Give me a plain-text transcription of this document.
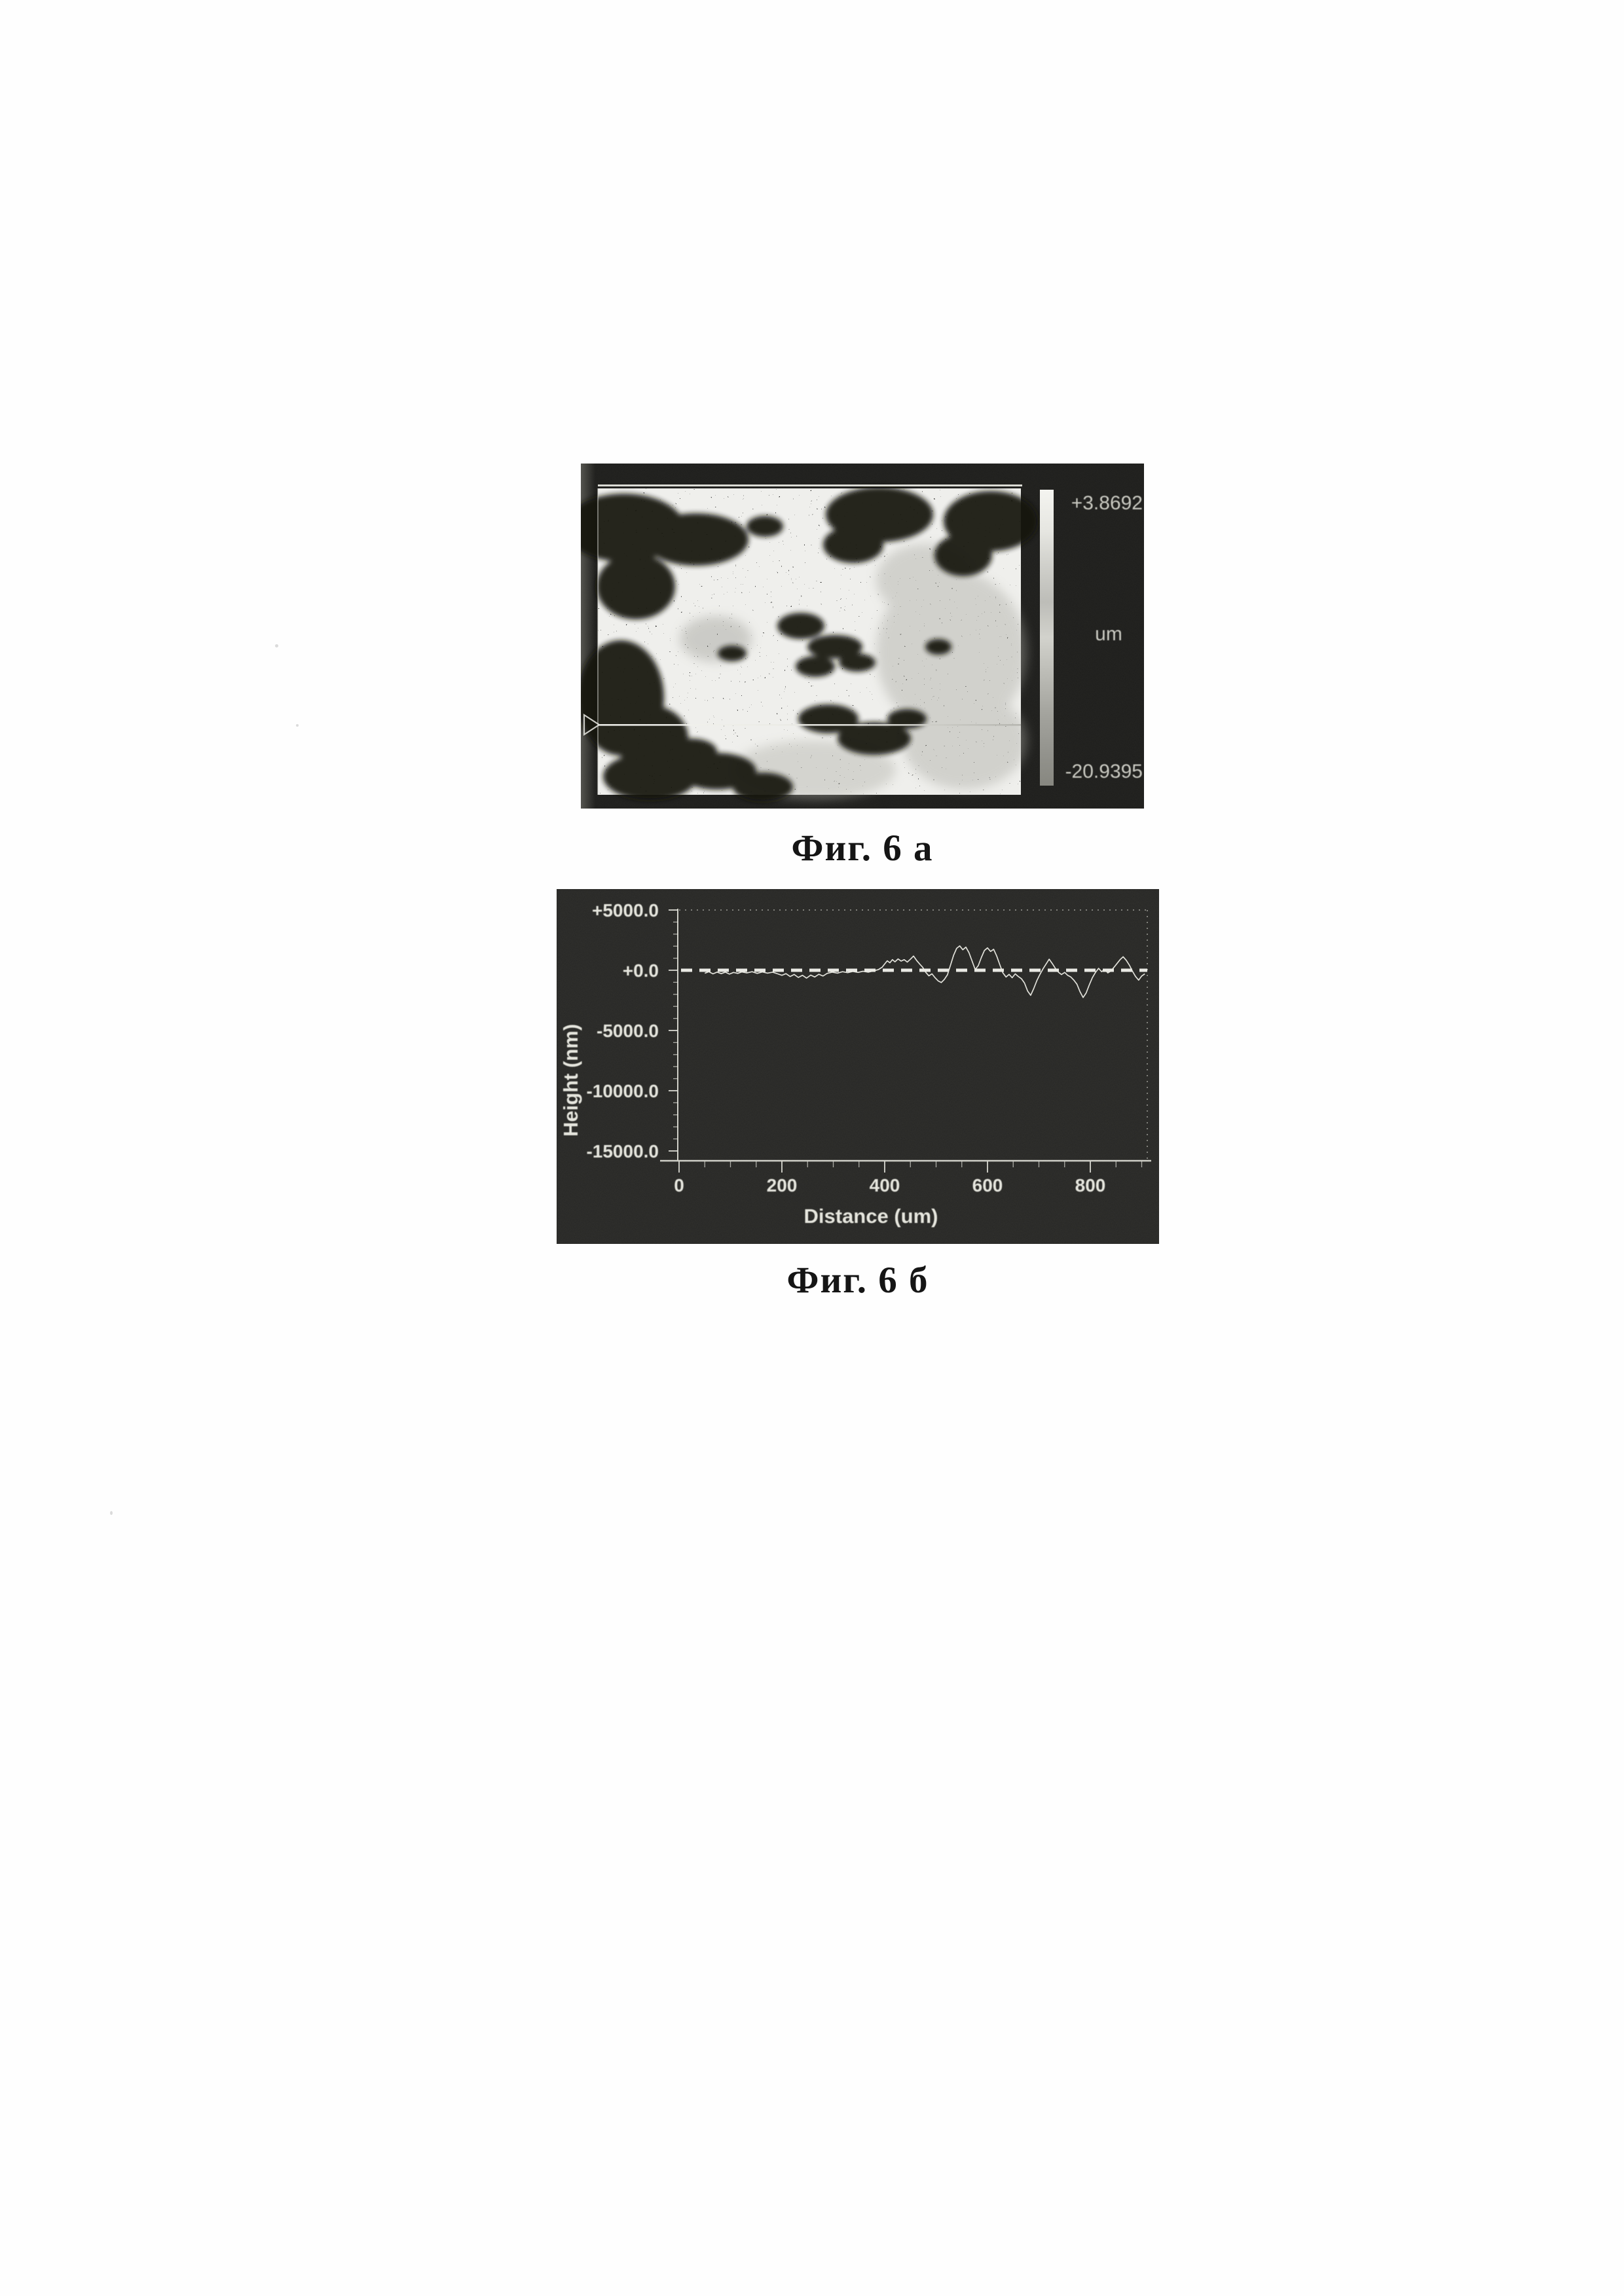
+3.8692
um
-20.9395
Фиг. 6 а
+5000.0
+0.0
-5000.0
-10000.0
-15000.0
Height (nm)
0	200	400	600	800
Distance (um)
Фиг. 6 б
